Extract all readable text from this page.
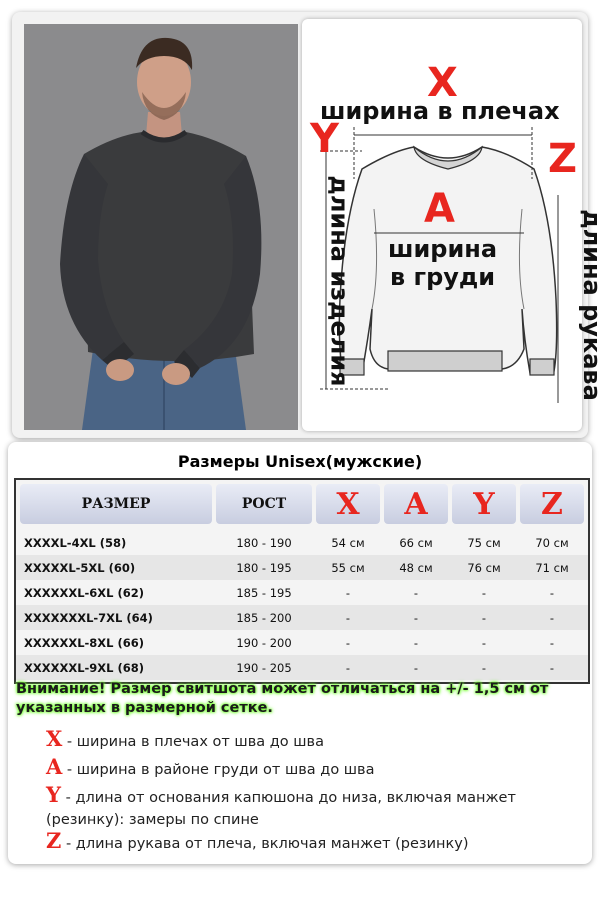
X
ширина в плечах
Y	Z
A
ширина
в груди
длина изделия	длина рукава
Размеры Unisex(мужские)
РАЗМЕР	РОСТ	X	A	Y	Z
XXXXL-4XL (58)	180 - 190	54 см	66 см	75 см	70 см
XXXXXL-5XL (60)	180 - 195	55 см	48 см	76 см	71 см
XXXXXXL-6XL (62)	185 - 195	-	-	-	-
XXXXXXXL-7XL (64)	185 - 200	-	-	-	-
XXXXXXL-8XL (66)	190 - 200	-	-	-	-
XXXXXXL-9XL (68)	190 - 205	-	-	-	-
Внимание! Размер свитшота может отличаться на +/- 1,5 см от указанных в размерной сетке.
X - ширина в плечах от шва до шва
A - ширина в районе груди от шва до шва
Y - длина от основания капюшона до низа, включая манжет (резинку): замеры по спине
Z - длина рукава от плеча, включая манжет (резинку)
